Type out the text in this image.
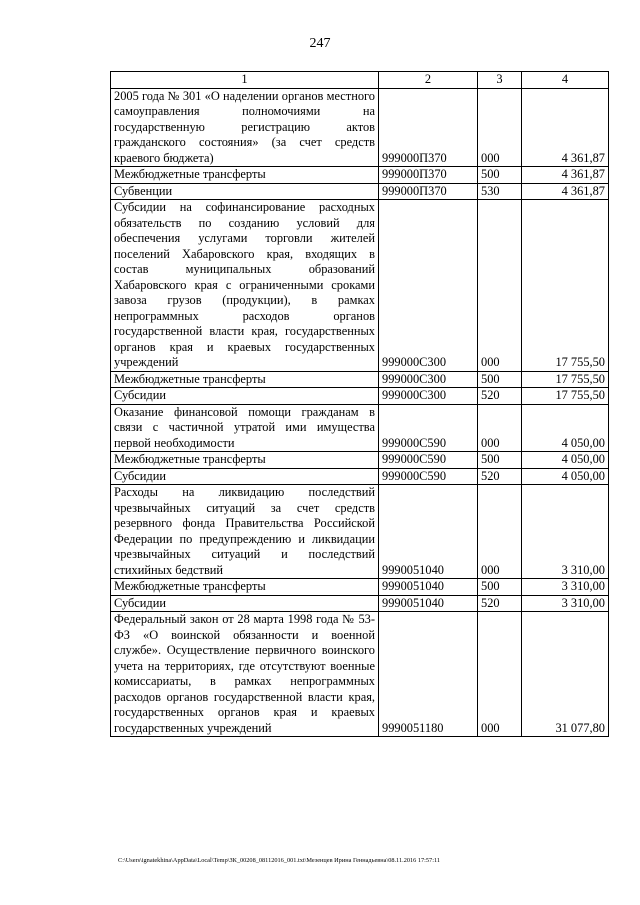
247
1	2	3	4
2005 года № 301 «О наделении органов местного самоуправления полномочиями на государственную регистрацию актов гражданского состояния» (за счет средств краевого бюджета)	999000П370	000	4 361,87
Межбюджетные трансферты	999000П370	500	4 361,87
Субвенции	999000П370	530	4 361,87
Субсидии на софинансирование расходных обязательств по созданию условий для обеспечения услугами торговли жителей поселений Хабаровского края, входящих в состав муниципальных образований Хабаровского края с ограниченными сроками завоза грузов (продукции), в рамках непрограммных расходов органов государственной власти края, государственных органов края и краевых государственных учреждений	999000С300	000	17 755,50
Межбюджетные трансферты	999000С300	500	17 755,50
Субсидии	999000С300	520	17 755,50
Оказание финансовой помощи гражданам в связи с частичной утратой ими имущества первой необходимости	999000С590	000	4 050,00
Межбюджетные трансферты	999000С590	500	4 050,00
Субсидии	999000С590	520	4 050,00
Расходы на ликвидацию последствий чрезвычайных ситуаций за счет средств резервного фонда Правительства Российской Федерации по предупреждению и ликвидации чрезвычайных ситуаций и последствий стихийных бедствий	9990051040	000	3 310,00
Межбюджетные трансферты	9990051040	500	3 310,00
Субсидии	9990051040	520	3 310,00
Федеральный закон от 28 марта 1998 года № 53-ФЗ «О воинской обязанности и военной службе». Осуществление первичного воинского учета на территориях, где отсутствуют военные комиссариаты, в рамках непрограммных расходов органов государственной власти края, государственных органов края и краевых государственных учреждений	9990051180	000	31 077,80
C:\Users\ignatekhina\AppData\Local\Temp\ЗК_00208_08112016_001.txt\Мезенцев Ирина Геннадьевна\08.11.2016 17:57:11
